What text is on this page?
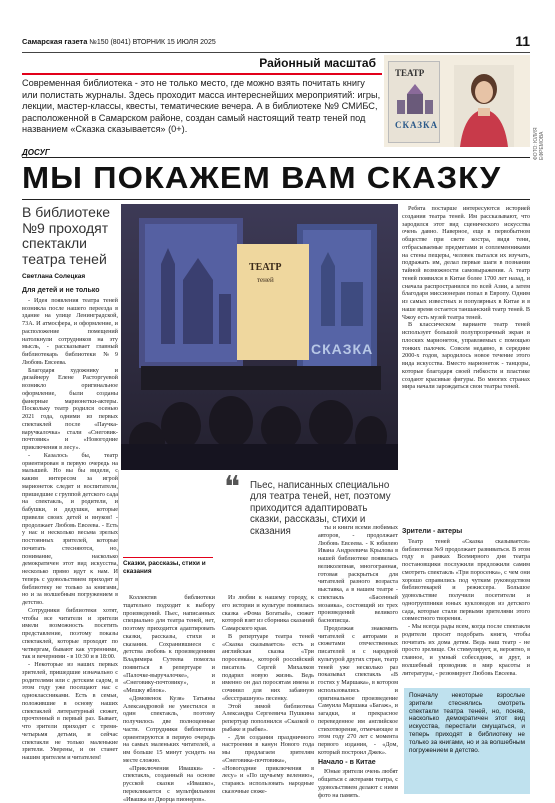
Самарская газета №150 (8041) ВТОРНИК 15 ИЮЛЯ 2025	11
Районный масштаб
Современная библиотека - это не только место, где можно взять почитать книгу или полистать журналы. Здесь проходит масса интереснейших мероприятий: игры, лекции, мастер-классы, квесты, тематические вечера. А в библиотеке №9 СМИБС, расположенной в Самарском районе, создан самый настоящий театр теней под названием «Сказка сказывается» (0+).
ТЕАТР
СКАЗКА
ФОТО: ЮЛИЯ ЕФРЕМОВА
ДОСУГ
МЫ ПОКАЖЕМ ВАМ СКАЗКУ
В библиотеке №9 проходят спектакли театра теней
Светлана Солецкая
Для детей и не только

- Идея появления театра теней возникла после нашего переезда в здание на улице Ленинградской, 73А. И атмосфера, и оформление, и расположение помещений натолкнули сотрудников на эту мысль, - рассказывает главный библиотекарь библиотеки №9 Любовь Евсеева.

Благодаря художнику и дизайнеру Елене Расторгуевой возникло оригинальное оформление, были созданы фанерные марионетки-актеры. Поскольку театр родился осенью 2021 года, одними из первых спектаклей после «Паучка-варучкалочка» стали «Снеговик-почтовик» и «Новогодние приключения в лесу».

- Казалось бы, театр ориентирован в первую очередь на малышей. Но вы бы видели, с каким интересом за игрой марионеток следят и воспитатели, пришедшие с группой детского сада на спектакль, и родители, и бабушки, и дедушки, которые привели своих детей и внуков! - продолжает Любовь Евсеева. - Есть у нас и несколько весьма зрелых постоянных зрителей, которые почитать стесняются, но, понимание, насколько демократичен этот вид искусства, несколько прямо идут к нам. И теперь с удовольствием приходят в библиотеку не только за книгами, но и за волшебным погружением в детство.

Сотрудники библиотеки хотят, чтобы все читатели и зрители имели возможность посетить представление, поэтому показы спектаклей, которые проходят по четвергам, бывают как утренними, так и вечерними - в 10:30 и в 18:00.

- Некоторые из наших первых зрителей, пришедшие изначально с родителями или с детским садом, в этом году уже посещают нас с одноклассниками. Есть в семьи, положившие в основу наших спектаклей литературный сюжет, прочтенный в первый раз. Бывает, что зрители приходят с тремя-четырьмя детьми, и сейчас спектакли не только маленькие зрители. Уверены, и он станет нашим зрителем и читателем!

СКАЗКА
ТЕАТР
теней
Сказки, рассказы, стихи и сказания
❝ Пьес, написанных специально для театра теней, нет, поэтому приходится адаптировать сказки, рассказы, стихи и сказания

Ребята постарше интересуются историей создания театра теней. Им рассказывают, что зародился этот вид сценического искусства очень давно. Наверное, еще в первобытном обществе при свете костра, видя тени, отбрасываемые предметами и соплеменниками на стены пещеры, человек пытался их изучать, подражать им, делал первые шаги в познании тайной возможности самовыражения. А театр теней появился в Китае более 1700 лет назад, и сначала распространился по всей Азии, а затем благодаря миссионерам попал в Европу. Одним из самых известных и популярных в Китае и в наше время остается таншанский театр теней. В Чжоу есть музей театра теней.

В классическом варианте театр теней использует большой полупрозрачный экран и плоских марионеток, управляемых с помощью тонких палочек. Совсем недавно, в середине 2000-х годов, зародилось новое течение этого вида искусства. Вместо марионеток - танцоры, которые благодаря своей гибкости и пластике создают красивые фигуры. Во многих странах мира начали зарождаться свои театры теней.

Коллектив библиотеки тщательно подходит к выбору произведений. Пьес, написанных специально для театра теней, нет, поэтому приходится адаптировать сказки, рассказы, стихи и сказания. Сохранившиеся с детства любовь к произведениям Владимира Сутеева помогла появиться в репертуаре и «Палочке-выручалочке», и «Снеговику-почтовику», и «Мешку яблок».

«Домовенок Кузя» Татьяны Александровой не уместился в один спектакль, поэтому получилось две полноценные части. Сотрудники библиотеки ориентируются в первую очередь на самых маленьких читателей, а им больше 15 минут усидеть на месте сложно.

«Приключения Ивашки» - спектакль, созданный на основе русской сказки «Ивашко», перекликается с мультфильмом «Ивашка из Дворца пионеров».

Из любви к нашему городу, к его истории и культуре появилась сказка «Фома Богатый», сюжет которой взят из сборника сказаний Самарского края.

В репертуаре театра теней «Сказка сказывается» есть и английская сказка «Три поросенка», которой российский писатель Сергей Михалков подарил новую жизнь. Ведь именно он дал поросятам имена и сочинил для них забавную «бесстрашную» песенку.

Этой зимой библиотека Александра Сергеевича Пушкина репертуар пополнился «Сказкой о рыбаке и рыбке».

- Для создания праздничного настроения в канун Нового года мы предлагаем зрителям «Снеговика-почтовика», «Новогодние приключения в лесу» и «По щучьему велению», стараясь использовать народные сказочные сюже-

ты и книги всеми любимых авторов, - продолжает Любовь Евсеева. - К юбилею Ивана Андреевича Крылова в нашей библиотеке появилась великолепная, многогранная, готовая раскрыться для читателей разного возраста выставка, а в нашем театре - спектакль «Басенный мозаика», состоящий из трех произведений великого баснописца.

Продолжая знакомить читателей с авторами и сюжетами отечественных писателей и с народной культурой других стран, театр теней уже несколько раз показывал спектакль «В гостях у Маршака», в котором использовались и оригинальное произведение Самуила Маршака «Багаж», и загадки, и прекрасное переведенное им английское стихотворение, отмечающее в этом году 270 лет с момента первого издания, - «Дом, который построил Джек».

Начало - в Китае

Юные зрители очень любят общаться с актерами театра, с удовольствием делают с ними фото на память.

Зрители - актеры

Театр теней «Сказка сказывается» библиотеки №9 продолжает развиваться. В этом году в рамках Всемирного дня театра постановщики послужили предложили самим смотреть спектакль «Три поросенка», с чем они хорошо справились под чутким руководством библиотекарей и режиссера. Большое удовольствие получили посетители и одногруппники юных кукловодов из детского сада, которые стали первыми зрителями этого совместного творения.

- Мы всегда рады всем, когда после спектакля родители просят подобрать книги, чтобы почитать их дома детям. Ведь наш театр - не просто зрелище. Он стимулирует, и, вероятно, в главное, и умный собеседник, и друг, и волшебный проводник в мир красоты и литературы, - резюмирует Любовь Евсеева.

Поначалу некоторые взрослые зрители стеснялись смотреть спектакли театра теней, но, поняв, насколько демократичен этот вид искусства, перестали смущаться, и теперь приходят в библиотеку не только за книгами, но и за волшебным погружением в детство.
